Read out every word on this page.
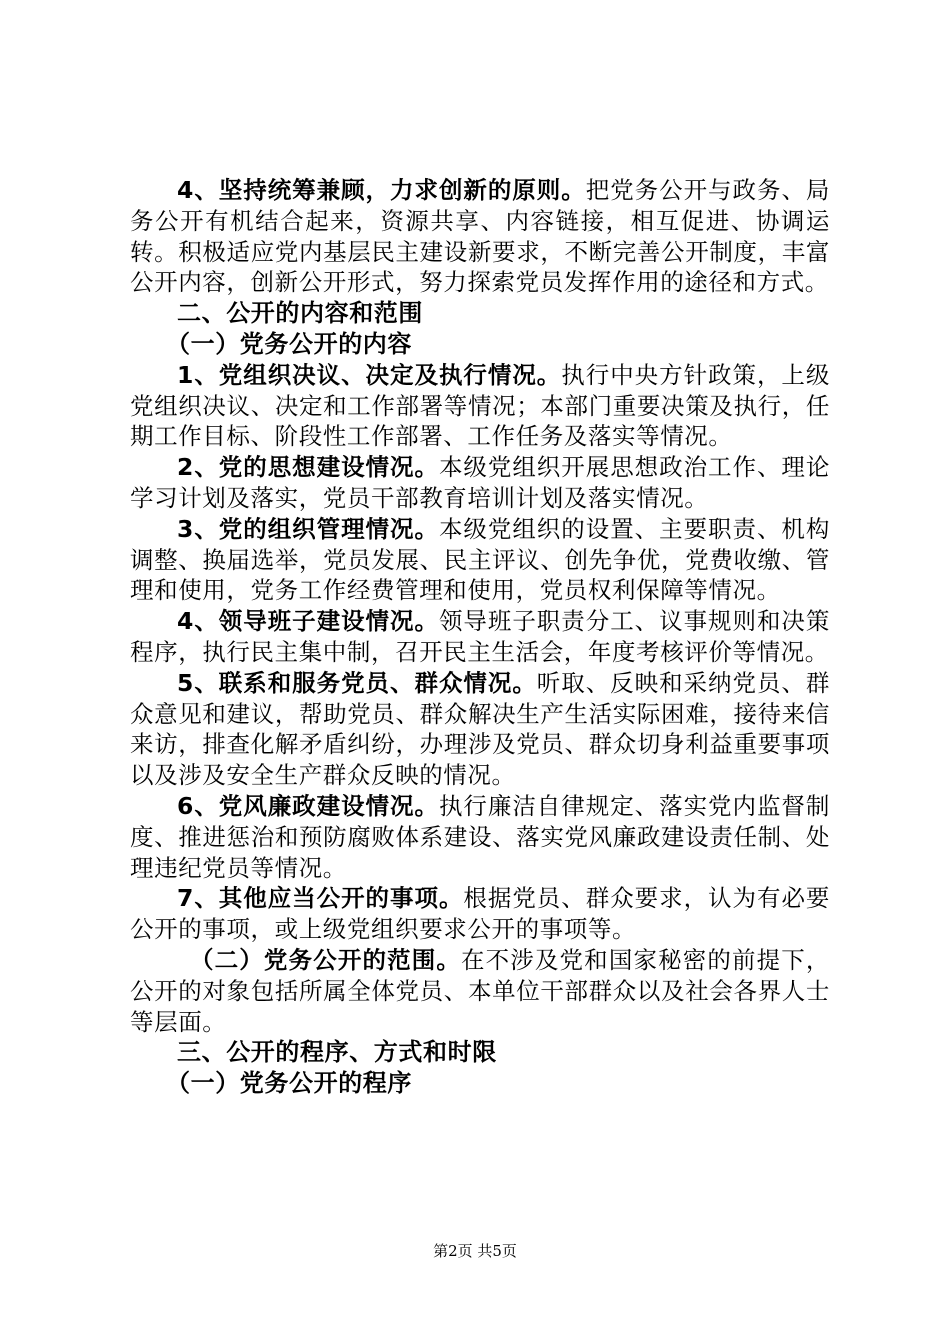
4、坚持统筹兼顾，力求创新的原则。把党务公开与政务、局务公开有机结合起来，资源共享、内容链接，相互促进、协调运转。积极适应党内基层民主建设新要求，不断完善公开制度，丰富公开内容，创新公开形式，努力探索党员发挥作用的途径和方式。

二、公开的内容和范围

（一）党务公开的内容

1、党组织决议、决定及执行情况。执行中央方针政策，上级党组织决议、决定和工作部署等情况；本部门重要决策及执行，任期工作目标、阶段性工作部署、工作任务及落实等情况。

2、党的思想建设情况。本级党组织开展思想政治工作、理论学习计划及落实，党员干部教育培训计划及落实情况。

3、党的组织管理情况。本级党组织的设置、主要职责、机构调整、换届选举，党员发展、民主评议、创先争优，党费收缴、管理和使用，党务工作经费管理和使用，党员权利保障等情况。

4、领导班子建设情况。领导班子职责分工、议事规则和决策程序，执行民主集中制，召开民主生活会，年度考核评价等情况。

5、联系和服务党员、群众情况。听取、反映和采纳党员、群众意见和建议，帮助党员、群众解决生产生活实际困难，接待来信来访，排查化解矛盾纠纷，办理涉及党员、群众切身利益重要事项以及涉及安全生产群众反映的情况。

6、党风廉政建设情况。执行廉洁自律规定、落实党内监督制度、推进惩治和预防腐败体系建设、落实党风廉政建设责任制、处理违纪党员等情况。

7、其他应当公开的事项。根据党员、群众要求，认为有必要公开的事项，或上级党组织要求公开的事项等。

（二）党务公开的范围。在不涉及党和国家秘密的前提下，公开的对象包括所属全体党员、本单位干部群众以及社会各界人士等层面。

三、公开的程序、方式和时限

（一）党务公开的程序

第2页 共5页
